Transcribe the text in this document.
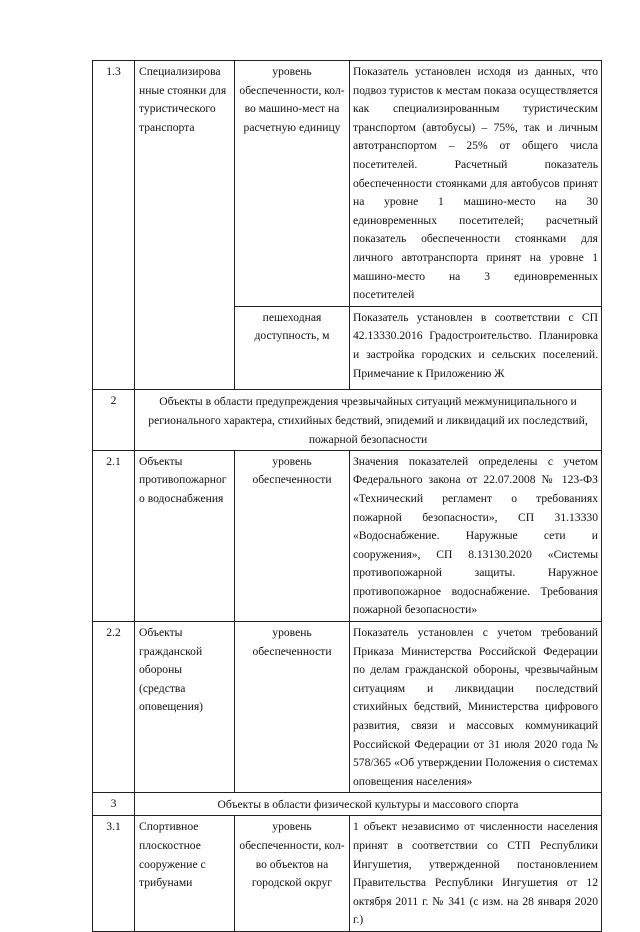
1.3	Специализирова нные стоянки для туристического транспорта	уровень обеспеченности, кол-во машино-мест на расчетную единицу	Показатель установлен исходя из данных, что подвоз туристов к местам показа осуществляется как специализированным туристическим транспортом (автобусы) – 75%, так и личным автотранспортом – 25% от общего числа посетителей. Расчетный показатель обеспеченности стоянками для автобусов принят на уровне 1 машино-место на 30 единовременных посетителей; расчетный показатель обеспеченности стоянками для личного автотранспорта принят на уровне 1 машино-место на 3 единовременных посетителей
		пешеходная доступность, м	Показатель установлен в соответствии с СП 42.13330.2016 Градостроительство. Планировка и застройка городских и сельских поселений. Примечание к Приложению Ж
2	Объекты в области предупреждения чрезвычайных ситуаций межмуниципального и регионального характера, стихийных бедствий, эпидемий и ликвидаций их последствий, пожарной безопасности		
2.1	Объекты противопожарног о водоснабжения	уровень обеспеченности	Значения показателей определены с учетом Федерального закона от 22.07.2008 № 123-ФЗ «Технический регламент о требованиях пожарной безопасности», СП 31.13330 «Водоснабжение. Наружные сети и сооружения», СП 8.13130.2020 «Системы противопожарной защиты. Наружное противопожарное водоснабжение. Требования пожарной безопасности»
2.2	Объекты гражданской обороны (средства оповещения)	уровень обеспеченности	Показатель установлен с учетом требований Приказа Министерства Российской Федерации по делам гражданской обороны, чрезвычайным ситуациям и ликвидации последствий стихийных бедствий, Министерства цифрового развития, связи и массовых коммуникаций Российской Федерации от 31 июля 2020 года № 578/365 «Об утверждении Положения о системах оповещения населения»
3	Объекты в области физической культуры и массового спорта		
3.1	Спортивное плоскостное сооружение с трибунами	уровень обеспеченности, кол-во объектов на городской округ	1 объект независимо от численности населения принят в соответствии со СТП Республики Ингушетия, утвержденной постановлением Правительства Республики Ингушетия от 12 октября 2011 г. № 341 (с изм. на 28 января 2020 г.)
